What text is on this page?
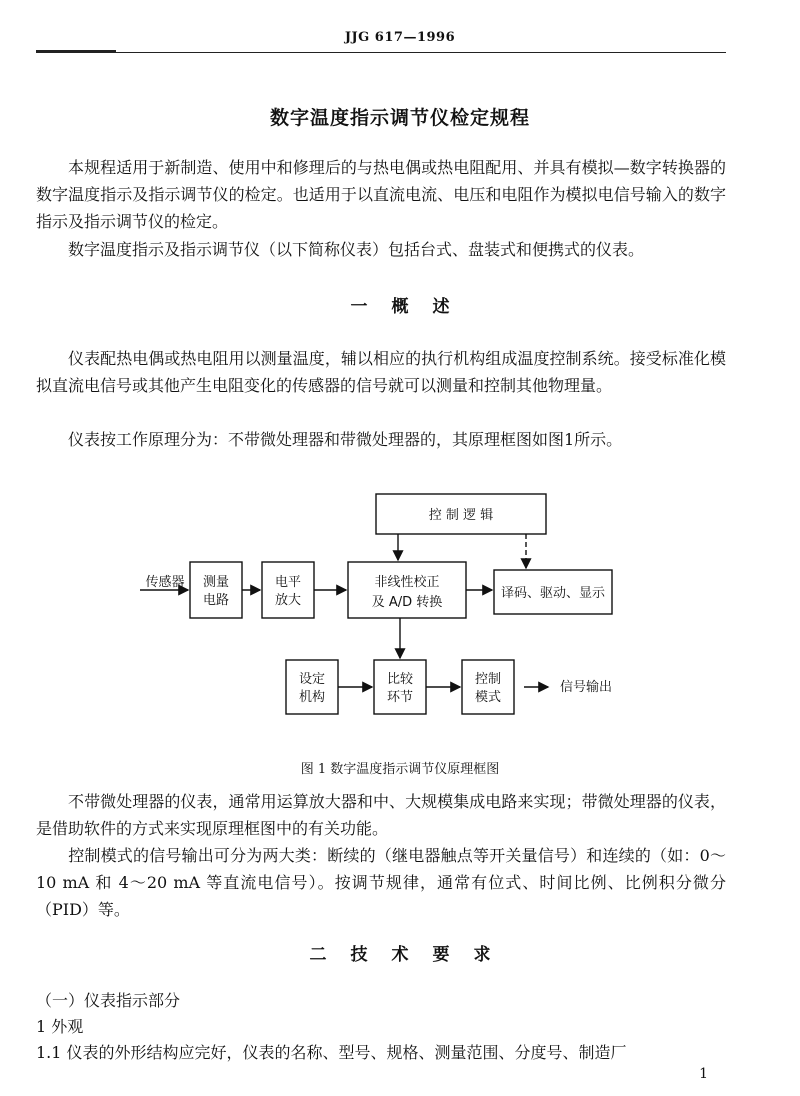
JJG 617—1996
数字温度指示调节仪检定规程
本规程适用于新制造、使用中和修理后的与热电偶或热电阻配用、并具有模拟—数字转换器的数字温度指示及指示调节仪的检定。也适用于以直流电流、电压和电阻作为模拟电信号输入的数字指示及指示调节仪的检定。
数字温度指示及指示调节仪（以下简称仪表）包括台式、盘装式和便携式的仪表。
一 概 述
仪表配热电偶或热电阻用以测量温度，辅以相应的执行机构组成温度控制系统。接受标准化模拟直流电信号或其他产生电阻变化的传感器的信号就可以测量和控制其他物理量。
仪表按工作原理分为：不带微处理器和带微处理器的，其原理框图如图1所示。
控 制 逻 辑
传感器 测量
电路
电平
放大
非线性校正
及 A/D 转换
译码、驱动、显示
设定
机构
比较
环节
控制
模式
信号输出
图 1 数字温度指示调节仪原理框图
不带微处理器的仪表，通常用运算放大器和中、大规模集成电路来实现；带微处理器的仪表，是借助软件的方式来实现原理框图中的有关功能。
控制模式的信号输出可分为两大类：断续的（继电器触点等开关量信号）和连续的（如：0～10 mA 和 4～20 mA 等直流电信号）。按调节规律，通常有位式、时间比例、比例积分微分（PID）等。
二 技 术 要 求
（一）仪表指示部分
1 外观
1.1 仪表的外形结构应完好，仪表的名称、型号、规格、测量范围、分度号、制造厂
1
